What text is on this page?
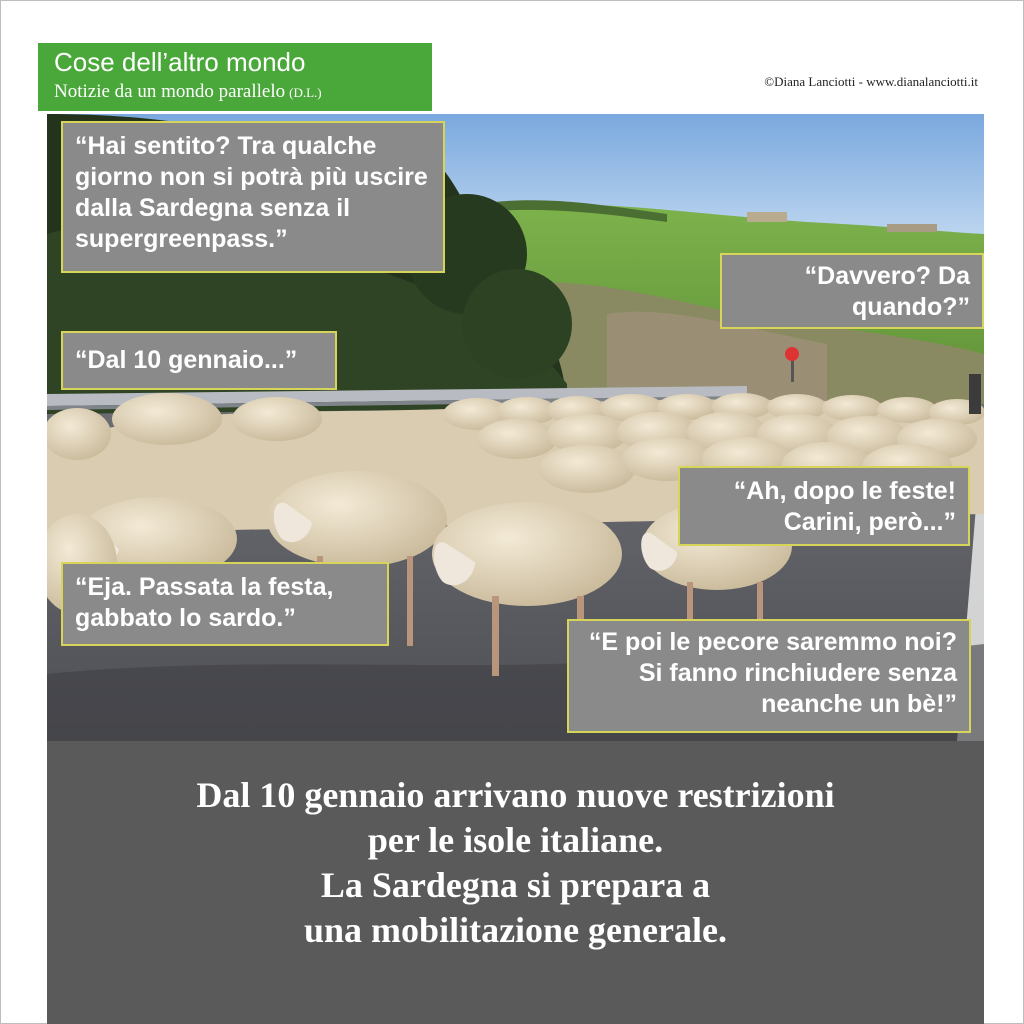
Cose dell’altro mondo
Notizie da un mondo parallelo (D.L.)
©Diana Lanciotti - www.dianalanciotti.it
“Hai sentito? Tra qualche giorno non si potrà più uscire dalla Sardegna senza il supergreenpass.”
“Davvero? Da quando?”
“Dal 10 gennaio...”
“Ah, dopo le feste! Carini, però...”
“Eja. Passata la festa, gabbato lo sardo.”
“E poi le pecore saremmo noi? Si fanno rinchiudere senza neanche un bè!”
Dal 10 gennaio arrivano nuove restrizioni
per le isole italiane.
La Sardegna si prepara a
una mobilitazione generale.
